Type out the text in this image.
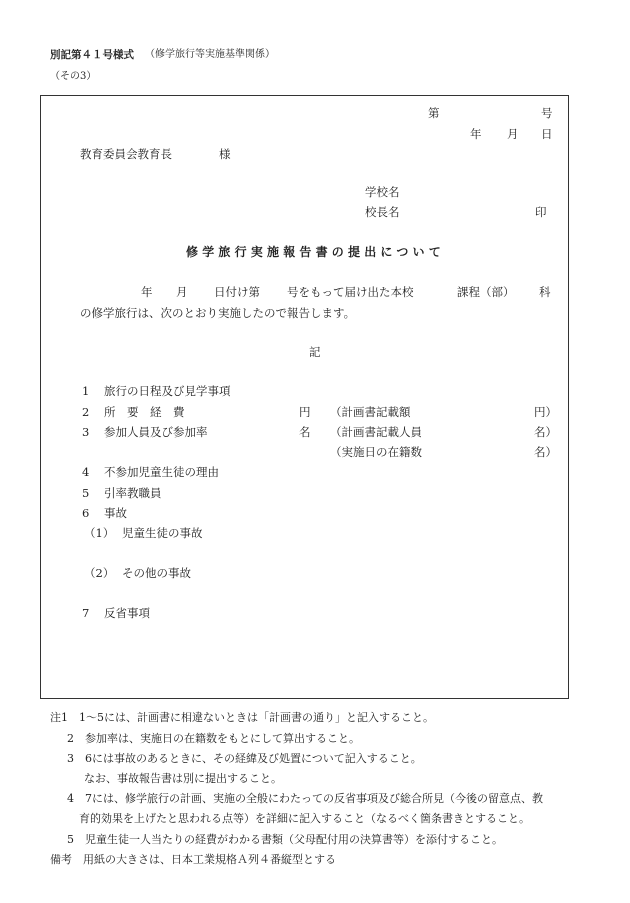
別記第４１号様式 （修学旅行等実施基準関係）
（その3）
第	号
年 月 日
教育委員会教育長	様
学校名
校長名	印
修学旅行実施報告書の提出について
年 月 日付け第 号をもって届け出た本校	課程（部） 科
の修学旅行は、次のとおり実施したので報告します。
記
1 旅行の日程及び見学事項
2 所　要　経　費	円 （計画書記載額	円）
3 参加人員及び参加率	名 （計画書記載人員	名）
（実施日の在籍数	名）
4 不参加児童生徒の理由
5 引率教職員
6 事故
（1） 児童生徒の事故
（2） その他の事故
7 反省事項
注1 1〜5には、計画書に相違ないときは「計画書の通り」と記入すること。
2　参加率は、実施日の在籍数をもとにして算出すること。
3　6には事故のあるときに、その経緯及び処置について記入すること。
なお、事故報告書は別に提出すること。
4　7には、修学旅行の計画、実施の全般にわたっての反省事項及び総合所見（今後の留意点、教
育的効果を上げたと思われる点等）を詳細に記入すること（なるべく箇条書きとすること。
5　児童生徒一人当たりの経費がわかる書類（父母配付用の決算書等）を添付すること。
備考 用紙の大きさは、日本工業規格Ａ列４番縦型とする
